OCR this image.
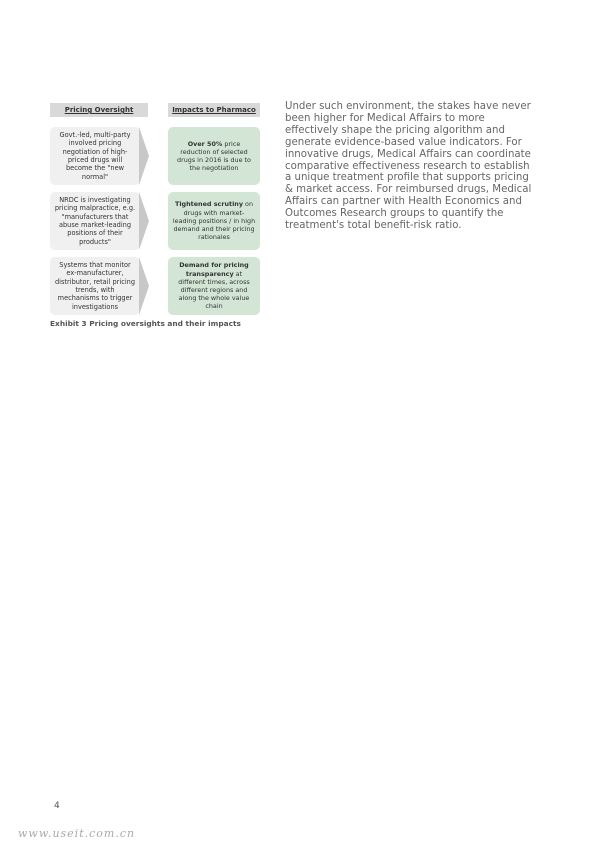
Pricing Oversight	Impacts to Pharmaco
Govt.-led, multi-party involved pricing negotiation of high-priced drugs will become the "new normal"
Over 50% price reduction of selected drugs in 2016 is due to the negotiation
NRDC is investigating pricing malpractice, e.g. "manufacturers that abuse market-leading positions of their products"
Tightened scrutiny on drugs with market-leading positions / in high demand and their pricing rationales
Systems that monitor ex-manufacturer, distributor, retail pricing trends, with mechanisms to trigger investigations
Demand for pricing transparency at different times, across different regions and along the whole value chain
Exhibit 3 Pricing oversights and their impacts
Under such environment, the stakes have never been higher for Medical Affairs to more effectively shape the pricing algorithm and generate evidence-based value indicators. For innovative drugs, Medical Affairs can coordinate comparative effectiveness research to establish a unique treatment profile that supports pricing & market access. For reimbursed drugs, Medical Affairs can partner with Health Economics and Outcomes Research groups to quantify the treatment's total benefit-risk ratio.
4
www.useit.com.cn
